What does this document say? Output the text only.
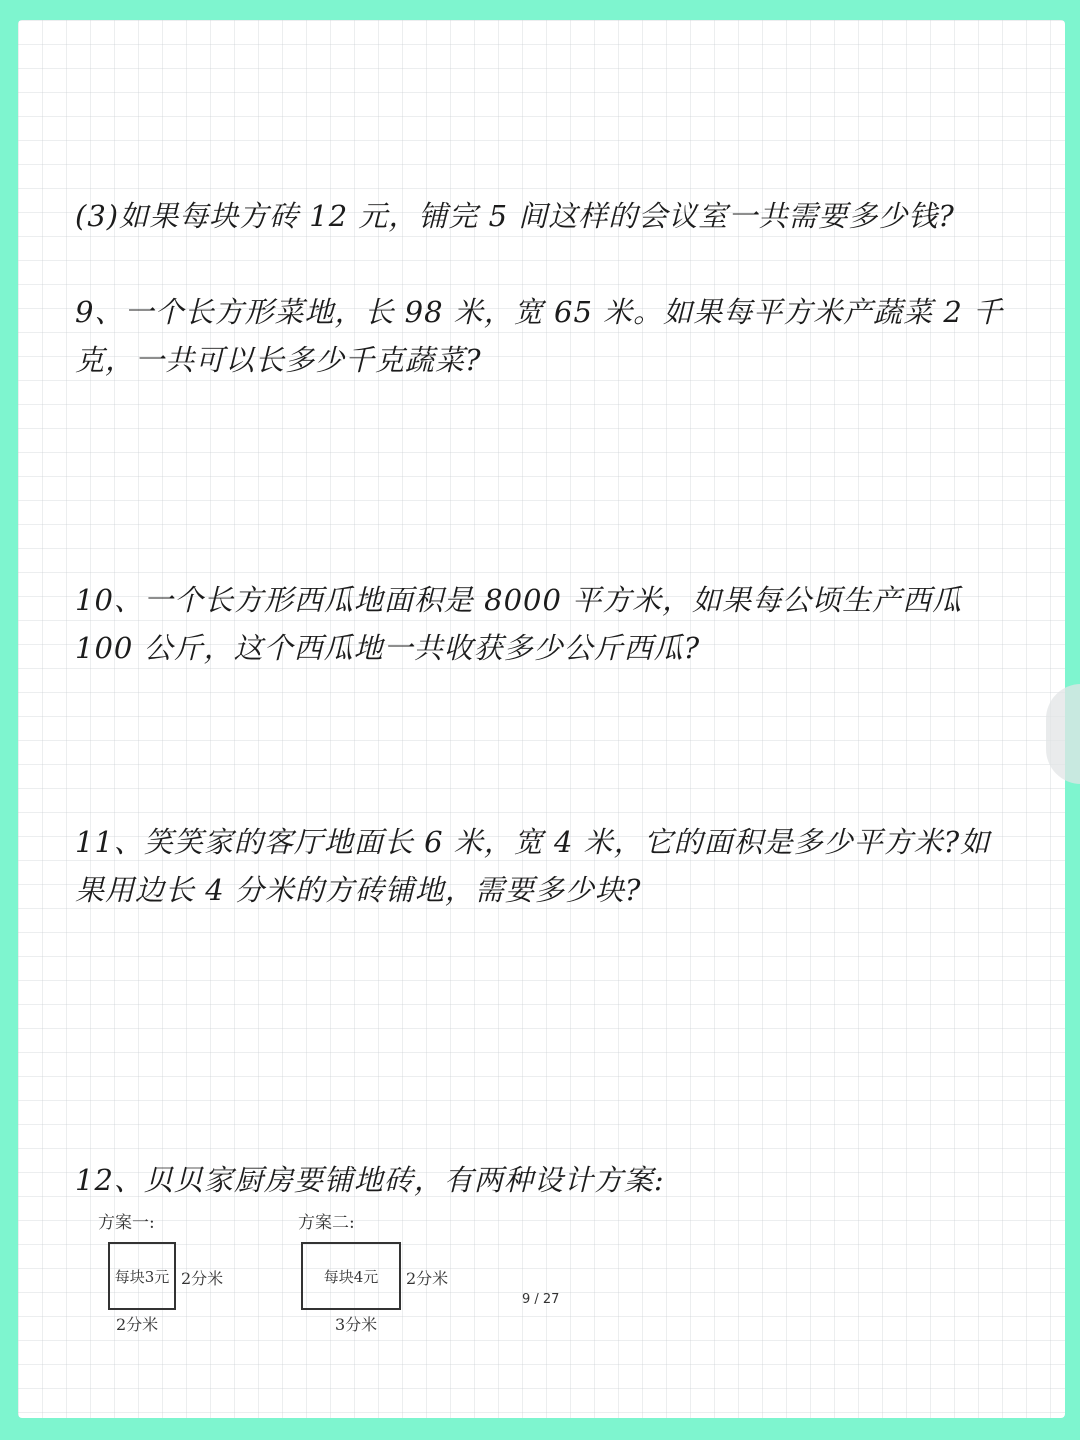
(3)如果每块方砖 12 元，铺完 5 间这样的会议室一共需要多少钱?

9、一个长方形菜地，长 98 米，宽 65 米。如果每平方米产蔬菜 2 千克，一共可以长多少千克蔬菜?

10、一个长方形西瓜地面积是 8000 平方米，如果每公顷生产西瓜 100 公斤，这个西瓜地一共收获多少公斤西瓜?

11、笑笑家的客厅地面长 6 米，宽 4 米，它的面积是多少平方米?如果用边长 4 分米的方砖铺地，需要多少块?

12、贝贝家厨房要铺地砖，有两种设计方案:

方案一:
每块3元 2分米
2分米
方案二:
每块4元 2分米
3分米
9 / 27
